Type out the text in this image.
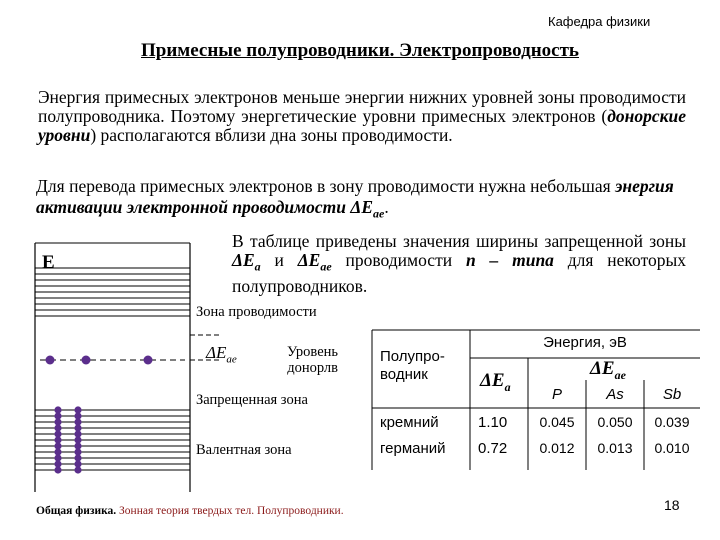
Кафедра физики
Примесные полупроводники. Электропроводность
Энергия примесных электронов меньше энергии нижних уровней зоны проводимости полупроводника. Поэтому энергетические уровни примесных электронов (донорские уровни) располагаются вблизи дна зоны проводимости.
Для перевода примесных электронов в зону проводимости нужна небольшая энергия активации электронной проводимости $\Delta E_{ae}$.
В таблице приведены значения ширины запрещенной зоны $\Delta E_a$ и $\Delta E_{ae}$ проводимости n – типа для некоторых полупроводников.
E
Зона проводимости
$\Delta E_{ae}$	Уровень донорлв
Запрещенная зона
Валентная зона
Полупро-водник
Энергия, эВ
$\Delta E_a$
$\Delta E_{ae}$
P	As	Sb
кремний	1.10	0.045	0.050	0.039
германий	0.72	0.012	0.013	0.010
Общая физика. Зонная теория твердых тел. Полупроводники.	18
